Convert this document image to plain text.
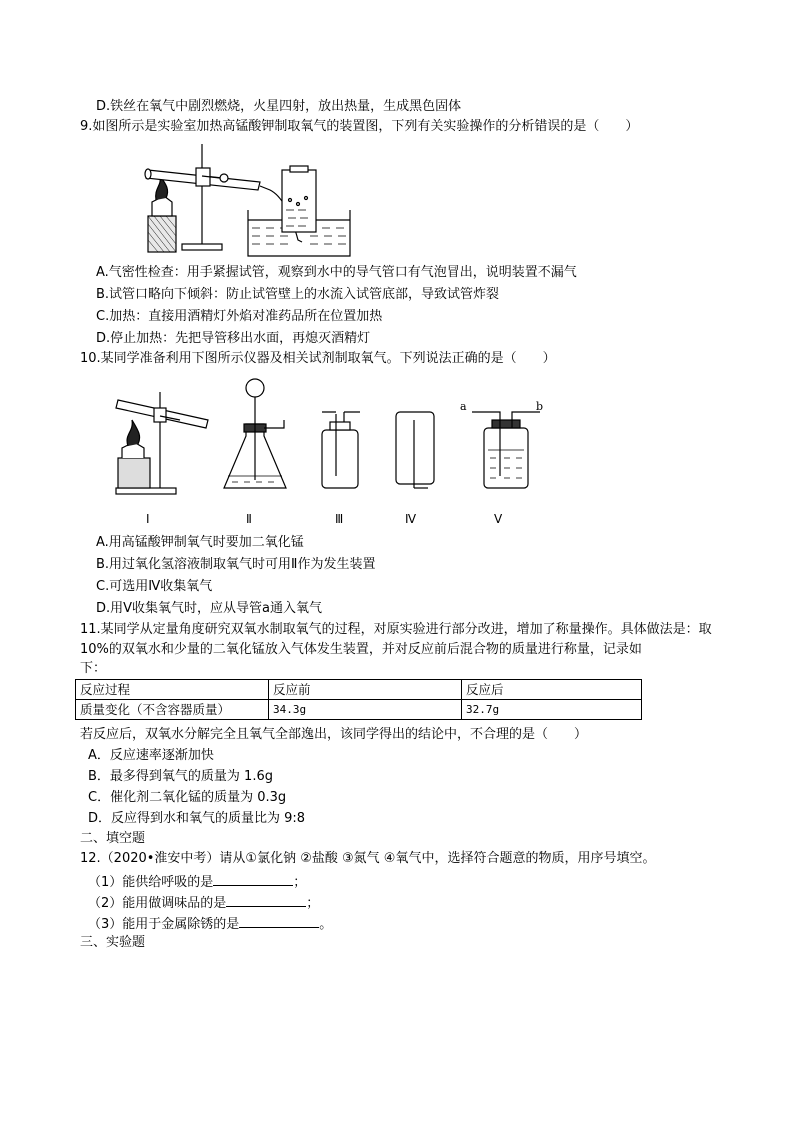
D.铁丝在氧气中剧烈燃烧，火星四射，放出热量，生成黑色固体
9.如图所示是实验室加热高锰酸钾制取氧气的装置图，下列有关实验操作的分析错误的是（　　）
A.气密性检查：用手紧握试管，观察到水中的导气管口有气泡冒出，说明装置不漏气
B.试管口略向下倾斜：防止试管壁上的水流入试管底部，导致试管炸裂
C.加热：直接用酒精灯外焰对准药品所在位置加热
D.停止加热：先把导管移出水面，再熄灭酒精灯
10.某同学准备利用下图所示仪器及相关试剂制取氧气。下列说法正确的是（　　）
a	b
Ⅰ	Ⅱ	Ⅲ	Ⅳ	Ⅴ
A.用高锰酸钾制氧气时要加二氧化锰
B.用过氧化氢溶液制取氧气时可用Ⅱ作为发生装置
C.可选用Ⅳ收集氧气
D.用Ⅴ收集氧气时，应从导管a通入氧气
11.某同学从定量角度研究双氧水制取氧气的过程，对原实验进行部分改进，增加了称量操作。具体做法是：取 10%的双氧水和少量的二氧化锰放入气体发生装置，并对反应前后混合物的质量进行称量，记录如
下：
反应过程	反应前	反应后
质量变化（不含容器质量）	34.3g	32.7g
若反应后，双氧水分解完全且氧气全部逸出，该同学得出的结论中，不合理的是（　　）
A．反应速率逐渐加快
B．最多得到氧气的质量为 1.6g
C．催化剂二氧化锰的质量为 0.3g
D．反应得到水和氧气的质量比为 9:8
二、填空题
12.（2020•淮安中考）请从①氯化钠 ②盐酸 ③氮气 ④氧气中，选择符合题意的物质，用序号填空。
（1）能供给呼吸的是	；
（2）能用做调味品的是	；
（3）能用于金属除锈的是	。
三、实验题
